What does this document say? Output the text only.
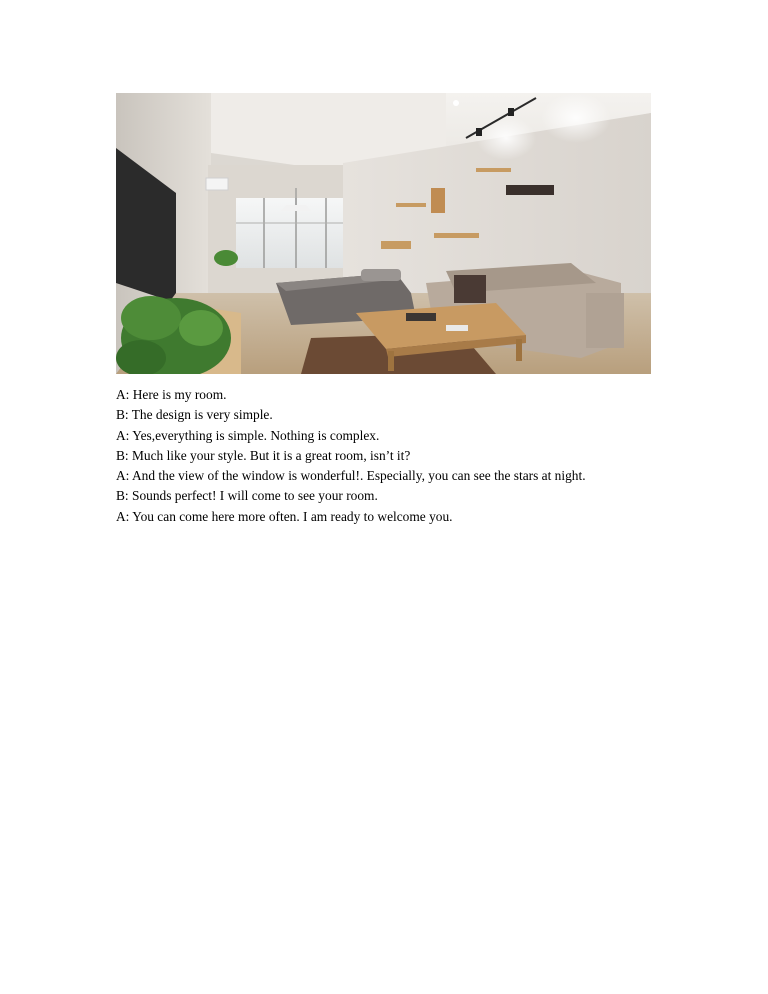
A: Here is my room.

B: The design is very simple.

A: Yes,everything is simple. Nothing is complex.

B: Much like your style. But it is a great room, isn’t it?

A: And the view of the window is wonderful!. Especially, you can see the stars at night.

B: Sounds perfect! I will come to see your room.

A: You can come here more often. I am ready to welcome you.
